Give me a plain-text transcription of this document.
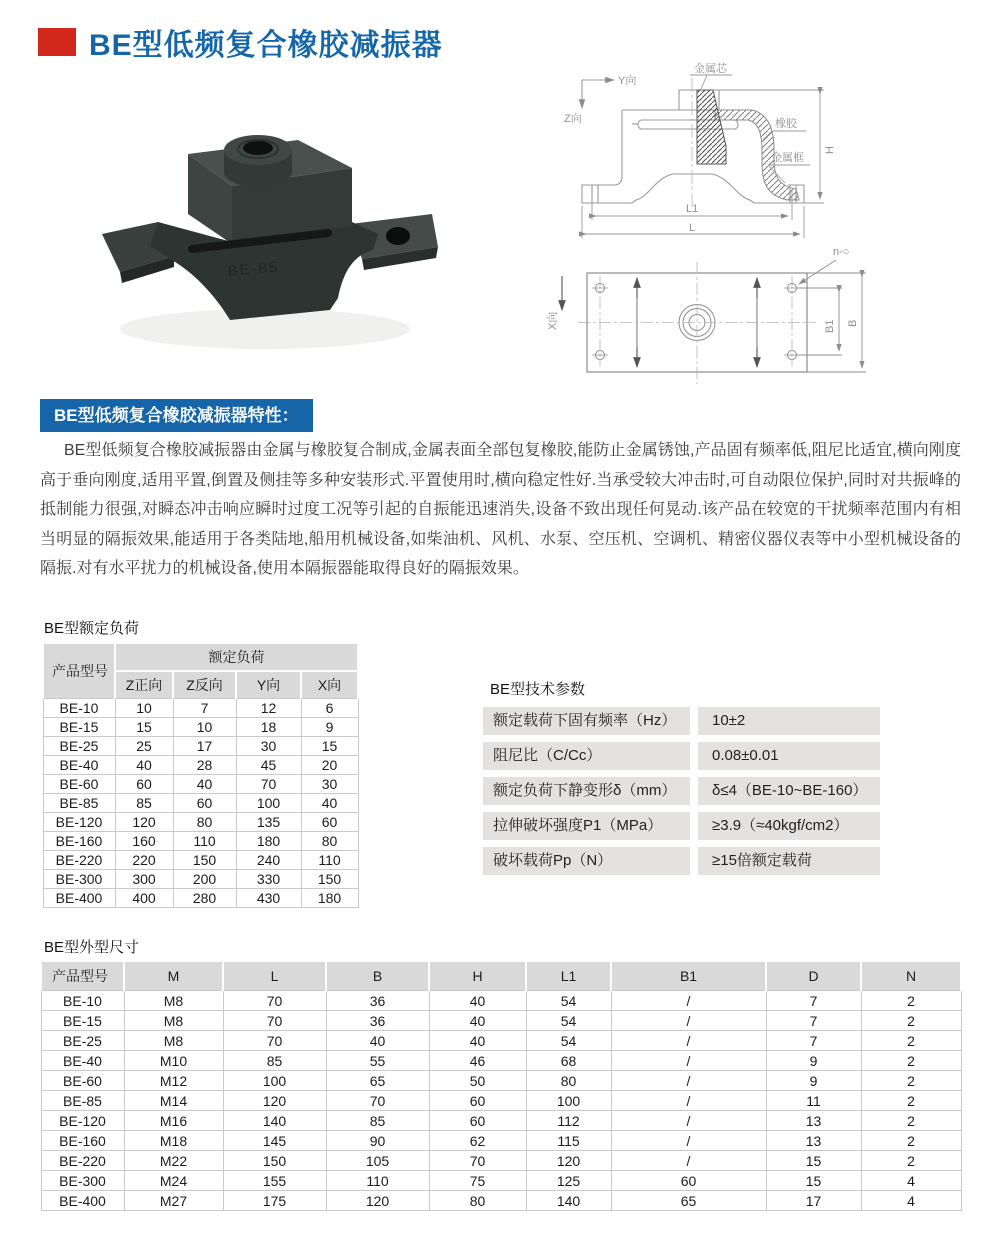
BE型低频复合橡胶减振器
BE-85
Y向
Z向
金属芯
橡胶
金属框
H
L1
L
n-○
X向	B1 B
BE型低频复合橡胶减振器特性：

BE型低频复合橡胶减振器由金属与橡胶复合制成,金属表面全部包复橡胶,能防止金属锈蚀,产品固有频率低,阻尼比适宜,横向刚度高于垂向刚度,适用平置,倒置及侧挂等多种安装形式.平置使用时,横向稳定性好.当承受较大冲击时,可自动限位保护,同时对共振峰的抵制能力很强,对瞬态冲击响应瞬时过度工况等引起的自振能迅速消失,设备不致出现任何晃动.该产品在较宽的干扰频率范围内有相当明显的隔振效果,能适用于各类陆地,船用机械设备,如柴油机、风机、水泵、空压机、空调机、精密仪器仪表等中小型机械设备的隔振.对有水平扰力的机械设备,使用本隔振器能取得良好的隔振效果。

BE型额定负荷
产品型号	额定负荷			
	Z正向	Z反向	Y向	X向
BE-10	10	7	12	6
BE-15	15	10	18	9
BE-25	25	17	30	15
BE-40	40	28	45	20
BE-60	60	40	70	30
BE-85	85	60	100	40
BE-120	120	80	135	60
BE-160	160	110	180	80
BE-220	220	150	240	110
BE-300	300	200	330	150
BE-400	400	280	430	180
BE型技术参数
额定载荷下固有频率（Hz）	10±2
阻尼比（C/Cc）	0.08±0.01
额定负荷下静变形δ（mm）	δ≤4（BE-10~BE-160）
拉伸破坏强度P1（MPa）	≥3.9（≈40kgf/cm2）
破坏载荷Pp（N）	≥15倍额定载荷
BE型外型尺寸
产品型号	M	L	B	H	L1	B1	D	N
BE-10	M8	70	36	40	54	/	7	2
BE-15	M8	70	36	40	54	/	7	2
BE-25	M8	70	40	40	54	/	7	2
BE-40	M10	85	55	46	68	/	9	2
BE-60	M12	100	65	50	80	/	9	2
BE-85	M14	120	70	60	100	/	11	2
BE-120	M16	140	85	60	112	/	13	2
BE-160	M18	145	90	62	115	/	13	2
BE-220	M22	150	105	70	120	/	15	2
BE-300	M24	155	110	75	125	60	15	4
BE-400	M27	175	120	80	140	65	17	4
